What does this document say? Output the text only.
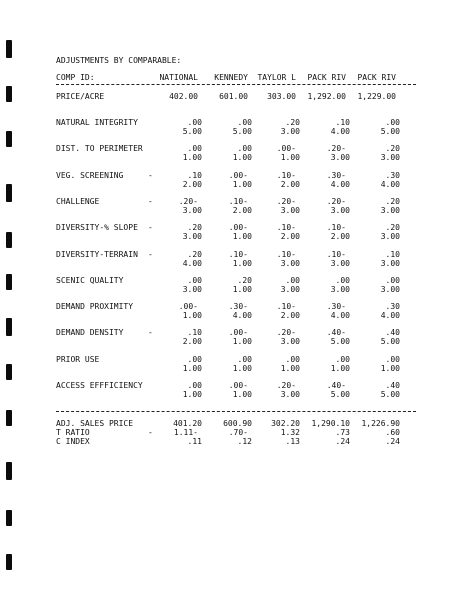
ADJUSTMENTS BY COMPARABLE:
COMP ID:	NATIONAL	KENNEDY	TAYLOR L	PACK RIV	PACK RIV
PRICE/ACRE	402.00	601.00	303.00	1,292.00	1,229.00
NATURAL INTEGRITY	.00	.00	.20	.10	.00
5.00	5.00	3.00	4.00	5.00
DIST. TO PERIMETER	.00	.00	.00-	.20-	.20
1.00	1.00	1.00	3.00	3.00
VEG. SCREENING	-	.10	.00-	.10-	.30-	.30
2.00	1.00	2.00	4.00	4.00
CHALLENGE	-	.20-	.10-	.20-	.20-	.20
3.00	2.00	3.00	3.00	3.00
DIVERSITY-% SLOPE	-	.20	.00-	.10-	.10-	.20
3.00	1.00	2.00	2.00	3.00
DIVERSITY-TERRAIN	-	.20	.10-	.10-	.10-	.10
4.00	1.00	3.00	3.00	3.00
SCENIC QUALITY	.00	.20	.00	.00	.00
3.00	1.00	3.00	3.00	3.00
DEMAND PROXIMITY	.00-	.30-	.10-	.30-	.30
1.00	4.00	2.00	4.00	4.00
DEMAND DENSITY	-	.10	.00-	.20-	.40-	.40
2.00	1.00	3.00	5.00	5.00
PRIOR USE	.00	.00	.00	.00	.00
1.00	1.00	1.00	1.00	1.00
ACCESS EFFFICIENCY	.00	.00-	.20-	.40-	.40
1.00	1.00	3.00	5.00	5.00
ADJ. SALES PRICE	401.20	600.90	302.20	1,290.10	1,226.90
T RATIO	-	1.11-	.70-	1.32	.73	.60
C INDEX	.11	.12	.13	.24	.24
